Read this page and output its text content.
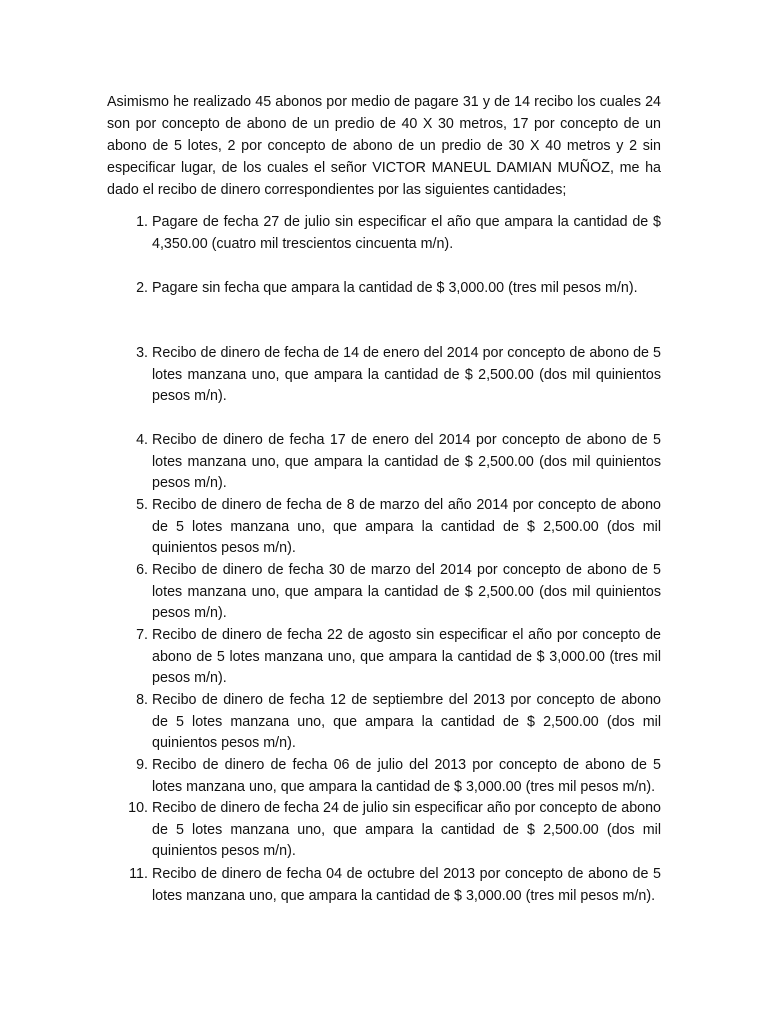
Asimismo he realizado 45 abonos por medio de pagare 31 y de 14 recibo los cuales 24 son por concepto de abono de un predio de 40 X 30 metros, 17 por concepto de un abono de 5 lotes, 2 por concepto de abono de un predio de 30 X 40 metros y 2 sin especificar lugar, de los cuales el señor VICTOR MANEUL DAMIAN MUÑOZ, me ha dado el recibo de dinero correspondientes por las siguientes cantidades;

1. Pagare de fecha 27 de julio sin especificar el año que ampara la cantidad de $ 4,350.00 (cuatro mil trescientos cincuenta m/n).
2. Pagare sin fecha que ampara la cantidad de $ 3,000.00 (tres mil pesos m/n).
3. Recibo de dinero de fecha de 14 de enero del 2014 por concepto de abono de 5 lotes manzana uno, que ampara la cantidad de $ 2,500.00 (dos mil quinientos pesos m/n).
4. Recibo de dinero de fecha 17 de enero del 2014 por concepto de abono de 5 lotes manzana uno, que ampara la cantidad de $ 2,500.00 (dos mil quinientos pesos m/n).
5. Recibo de dinero de fecha de 8 de marzo del año 2014 por concepto de abono de 5 lotes manzana uno, que ampara la cantidad de $ 2,500.00 (dos mil quinientos pesos m/n).
6. Recibo de dinero de fecha 30 de marzo del 2014 por concepto de abono de 5 lotes manzana uno, que ampara la cantidad de $ 2,500.00 (dos mil quinientos pesos m/n).
7. Recibo de dinero de fecha 22 de agosto sin especificar el año por concepto de abono de 5 lotes manzana uno, que ampara la cantidad de $ 3,000.00 (tres mil pesos m/n).
8. Recibo de dinero de fecha 12 de septiembre del 2013 por concepto de abono de 5 lotes manzana uno, que ampara la cantidad de $ 2,500.00 (dos mil quinientos pesos m/n).
9. Recibo de dinero de fecha 06 de julio del 2013 por concepto de abono de 5 lotes manzana uno, que ampara la cantidad de $ 3,000.00 (tres mil pesos m/n).
10. Recibo de dinero de fecha 24 de julio sin especificar año por concepto de abono de 5 lotes manzana uno, que ampara la cantidad de $ 2,500.00 (dos mil quinientos pesos m/n).
11. Recibo de dinero de fecha 04 de octubre del 2013 por concepto de abono de 5 lotes manzana uno, que ampara la cantidad de $ 3,000.00 (tres mil pesos m/n).
